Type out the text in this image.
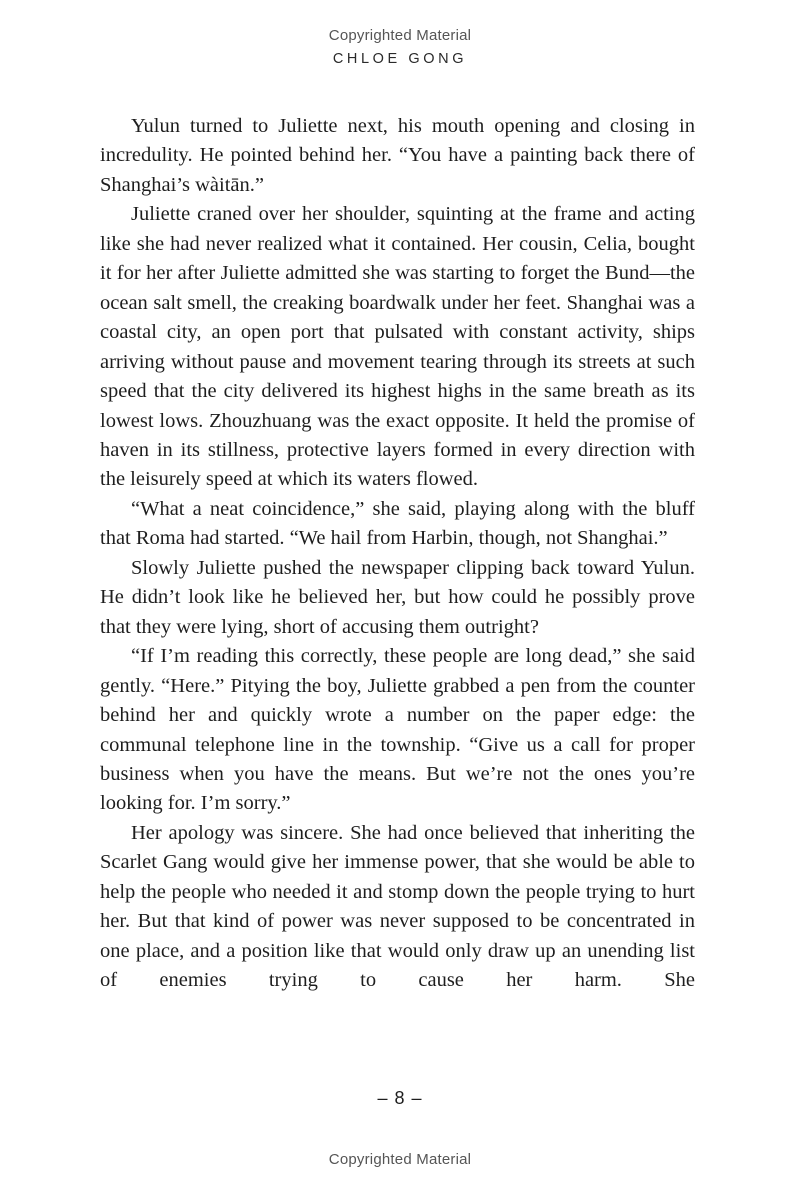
Copyrighted Material
CHLOE GONG

Yulun turned to Juliette next, his mouth opening and closing in incredulity. He pointed behind her. “You have a painting back there of Shanghai’s wàitān.”

Juliette craned over her shoulder, squinting at the frame and acting like she had never realized what it contained. Her cousin, Celia, bought it for her after Juliette admitted she was starting to forget the Bund—the ocean salt smell, the creaking boardwalk under her feet. Shanghai was a coastal city, an open port that pulsated with constant activity, ships arriving without pause and movement tearing through its streets at such speed that the city delivered its highest highs in the same breath as its lowest lows. Zhouzhuang was the exact opposite. It held the promise of haven in its stillness, protective layers formed in every direction with the leisurely speed at which its waters flowed.

“What a neat coincidence,” she said, playing along with the bluff that Roma had started. “We hail from Harbin, though, not Shanghai.”

Slowly Juliette pushed the newspaper clipping back toward Yulun. He didn’t look like he believed her, but how could he possibly prove that they were lying, short of accusing them outright?

“If I’m reading this correctly, these people are long dead,” she said gently. “Here.” Pitying the boy, Juliette grabbed a pen from the counter behind her and quickly wrote a number on the paper edge: the communal telephone line in the township. “Give us a call for proper business when you have the means. But we’re not the ones you’re looking for. I’m sorry.”

Her apology was sincere. She had once believed that inheriting the Scarlet Gang would give her immense power, that she would be able to help the people who needed it and stomp down the people trying to hurt her. But that kind of power was never supposed to be concentrated in one place, and a position like that would only draw up an unending list of enemies trying to cause her harm. She

– 8 –
Copyrighted Material
